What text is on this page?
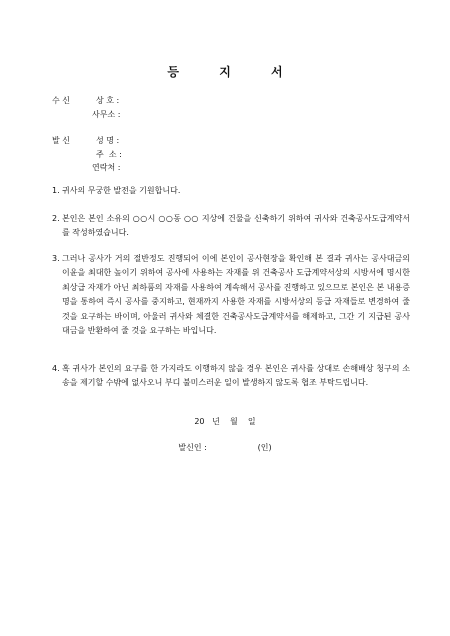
등 지 서
수 신	상 호 :
사무소 :
발 신	성 명 :
주  소 :
연락처 :
1. 귀사의 무궁한 발전을 기원합니다.
2. 본인은 본인 소유의 ○○시 ○○동 ○○ 지상에 건물을 신축하기 위하여 귀사와 건축공사도급계약서를 작성하였습니다.
3. 그러나 공사가 거의 절반정도 진행되어 이에 본인이 공사현장을 확인해 본 결과 귀사는 공사대금의 이윤을 최대한 높이기 위하여 공사에 사용하는 자재를 위 건축공사 도급계약서상의 시방서에 명시한 최상급 자재가 아닌 최하품의 자재를 사용하여 계속해서 공사를 진행하고 있으므로 본인은 본 내용증명을 통하여 즉시 공사를 중지하고, 현재까지 사용한 자재를 시방서상의 등급 자재들로 변경하여 줄 것을 요구하는 바이며, 아울러 귀사와 체결한 건축공사도급계약서를 해제하고, 그간 기 지급된 공사대금을 반환하여 줄 것을 요구하는 바입니다.
4. 혹 귀사가 본인의 요구를 한 가지라도 이행하지 않을 경우 본인은 귀사를 상대로 손해배상 청구의 소송을 제기할 수밖에 없사오니 부디 불미스러운 일이 발생하지 않도록 협조 부탁드립니다.
20   년    월    일
발신인 :                    (인)
